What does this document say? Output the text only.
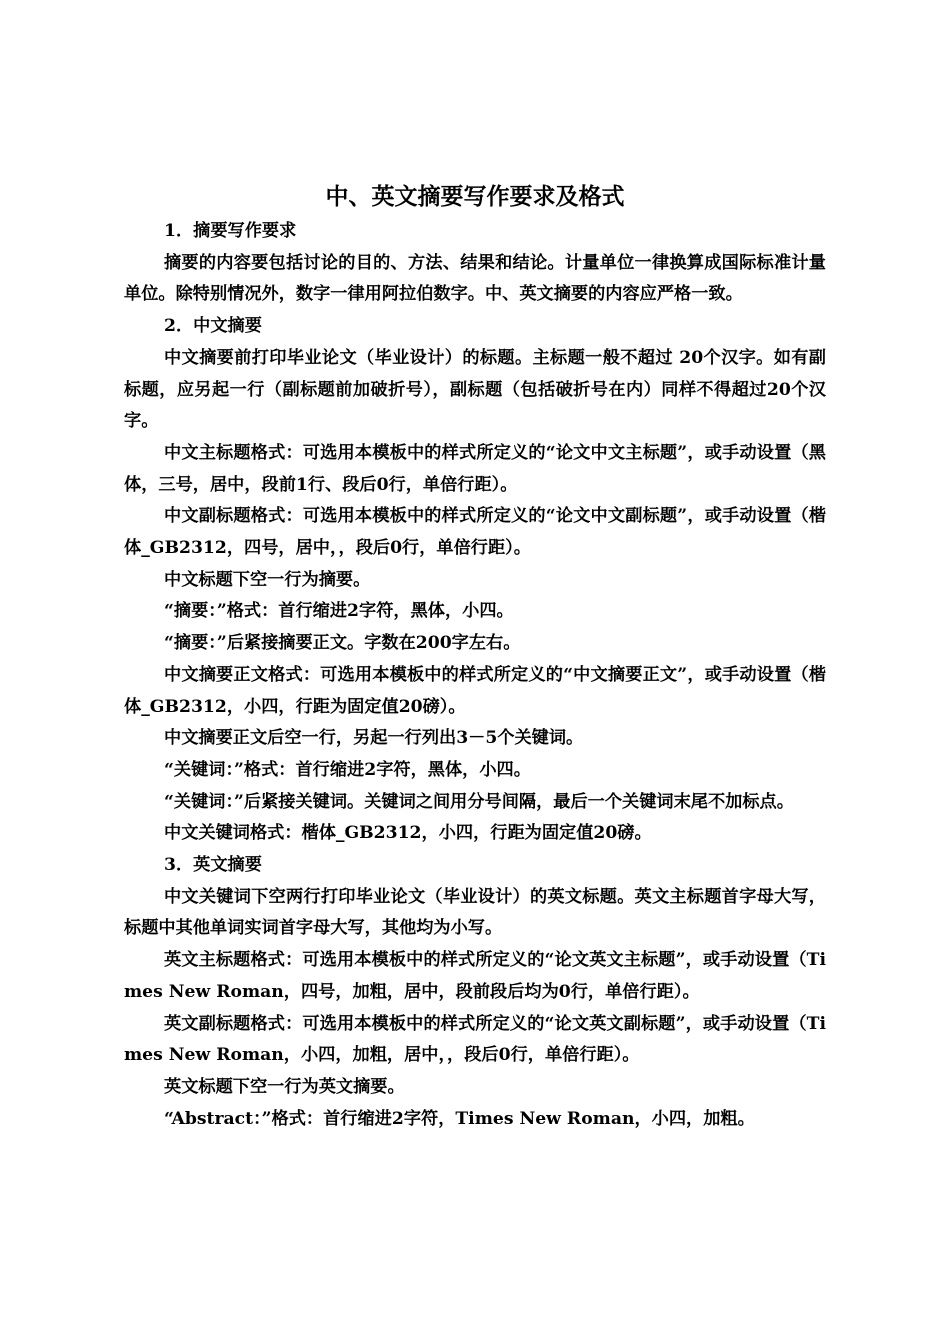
中、英文摘要写作要求及格式

1．摘要写作要求

摘要的内容要包括讨论的目的、方法、结果和结论。计量单位一律换算成国际标准计量单位。除特别情况外，数字一律用阿拉伯数字。中、英文摘要的内容应严格一致。

2．中文摘要

中文摘要前打印毕业论文（毕业设计）的标题。主标题一般不超过 20个汉字。如有副标题，应另起一行（副标题前加破折号），副标题（包括破折号在内）同样不得超过20个汉字。

中文主标题格式：可选用本模板中的样式所定义的“论文中文主标题”，或手动设置（黑体，三号，居中，段前1行、段后0行，单倍行距）。

中文副标题格式：可选用本模板中的样式所定义的“论文中文副标题”，或手动设置（楷体_GB2312，四号，居中，，段后0行，单倍行距）。

中文标题下空一行为摘要。

“摘要：”格式：首行缩进2字符，黑体，小四。

“摘要：”后紧接摘要正文。字数在200字左右。

中文摘要正文格式：可选用本模板中的样式所定义的“中文摘要正文”，或手动设置（楷体_GB2312，小四，行距为固定值20磅）。

中文摘要正文后空一行，另起一行列出3－5个关键词。

“关键词：”格式：首行缩进2字符，黑体，小四。

“关键词：”后紧接关键词。关键词之间用分号间隔，最后一个关键词末尾不加标点。

中文关键词格式：楷体_GB2312，小四，行距为固定值20磅。

3．英文摘要

中文关键词下空两行打印毕业论文（毕业设计）的英文标题。英文主标题首字母大写，标题中其他单词实词首字母大写，其他均为小写。

英文主标题格式：可选用本模板中的样式所定义的“论文英文主标题”，或手动设置（Times New Roman，四号，加粗，居中，段前段后均为0行，单倍行距）。

英文副标题格式：可选用本模板中的样式所定义的“论文英文副标题”，或手动设置（Times New Roman，小四，加粗，居中，，段后0行，单倍行距）。

英文标题下空一行为英文摘要。

“Abstract：”格式：首行缩进2字符，Times New Roman，小四，加粗。
